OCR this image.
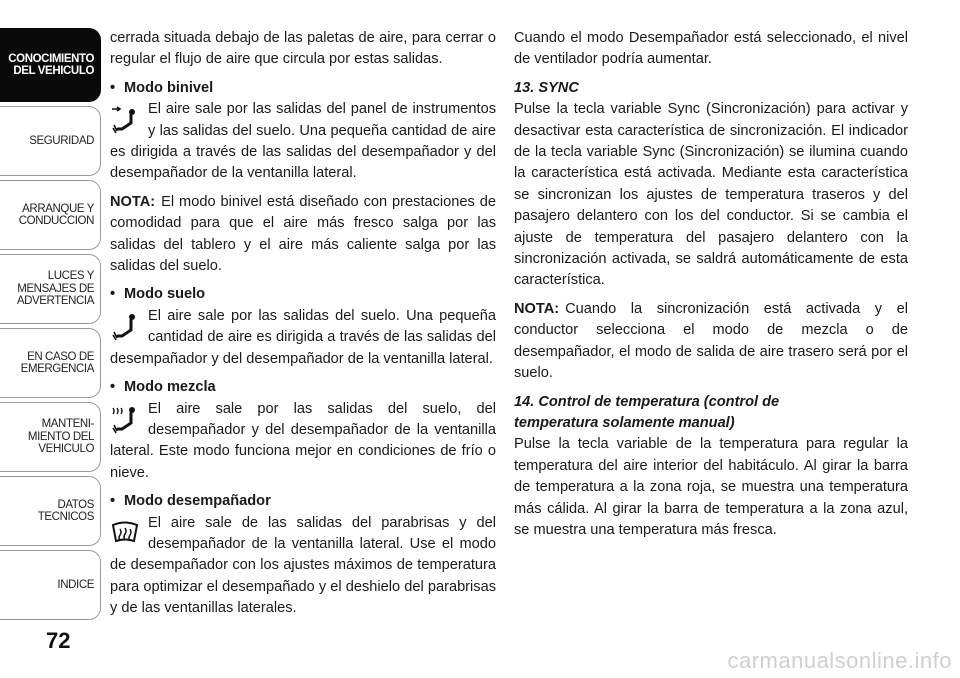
CONOCIMIENTO
DEL VEHICULO
SEGURIDAD
ARRANQUE Y
CONDUCCION
LUCES Y
MENSAJES DE
ADVERTENCIA
EN CASO DE
EMERGENCIA
MANTENI-
MIENTO DEL
VEHICULO
DATOS
TECNICOS
INDICE
72

cerrada situada debajo de las paletas de aire, para cerrar o regular el flujo de aire que circula por estas salidas.

• Modo binivel
El aire sale por las salidas del panel de instrumentos y las salidas del suelo. Una pequeña cantidad de aire es dirigida a través de las salidas del desempañador y del desempañador de la ventanilla lateral.

NOTA: El modo binivel está diseñado con prestaciones de comodidad para que el aire más fresco salga por las salidas del tablero y el aire más caliente salga por las salidas del suelo.

• Modo suelo
El aire sale por las salidas del suelo. Una pequeña cantidad de aire es dirigida a través de las salidas del desempañador y del desempañador de la ventanilla lateral.
• Modo mezcla
El aire sale por las salidas del suelo, del desempañador y del desempañador de la ventanilla lateral. Este modo funciona mejor en condiciones de frío o nieve.
• Modo desempañador
El aire sale de las salidas del parabrisas y del desempañador de la ventanilla lateral. Use el modo de desempañador con los ajustes máximos de temperatura para optimizar el desempañado y el deshielo del parabrisas y de las ventanillas laterales.

Cuando el modo Desempañador está seleccionado, el nivel de ventilador podría aumentar.

13. SYNC

Pulse la tecla variable Sync (Sincronización) para activar y desactivar esta característica de sincronización. El indicador de la tecla variable Sync (Sincronización) se ilumina cuando la característica está activada. Mediante esta característica se sincronizan los ajustes de temperatura traseros y del pasajero delantero con los del conductor. Si se cambia el ajuste de temperatura del pasajero delantero con la sincronización activada, se saldrá automáticamente de esta característica.

NOTA: Cuando la sincronización está activada y el conductor selecciona el modo de mezcla o de desempañador, el modo de salida de aire trasero será por el suelo.

14. Control de temperatura (control de
temperatura solamente manual)

Pulse la tecla variable de la temperatura para regular la temperatura del aire interior del habitáculo. Al girar la barra de temperatura a la zona roja, se muestra una temperatura más cálida. Al girar la barra de temperatura a la zona azul, se muestra una temperatura más fresca.

carmanualsonline.info
